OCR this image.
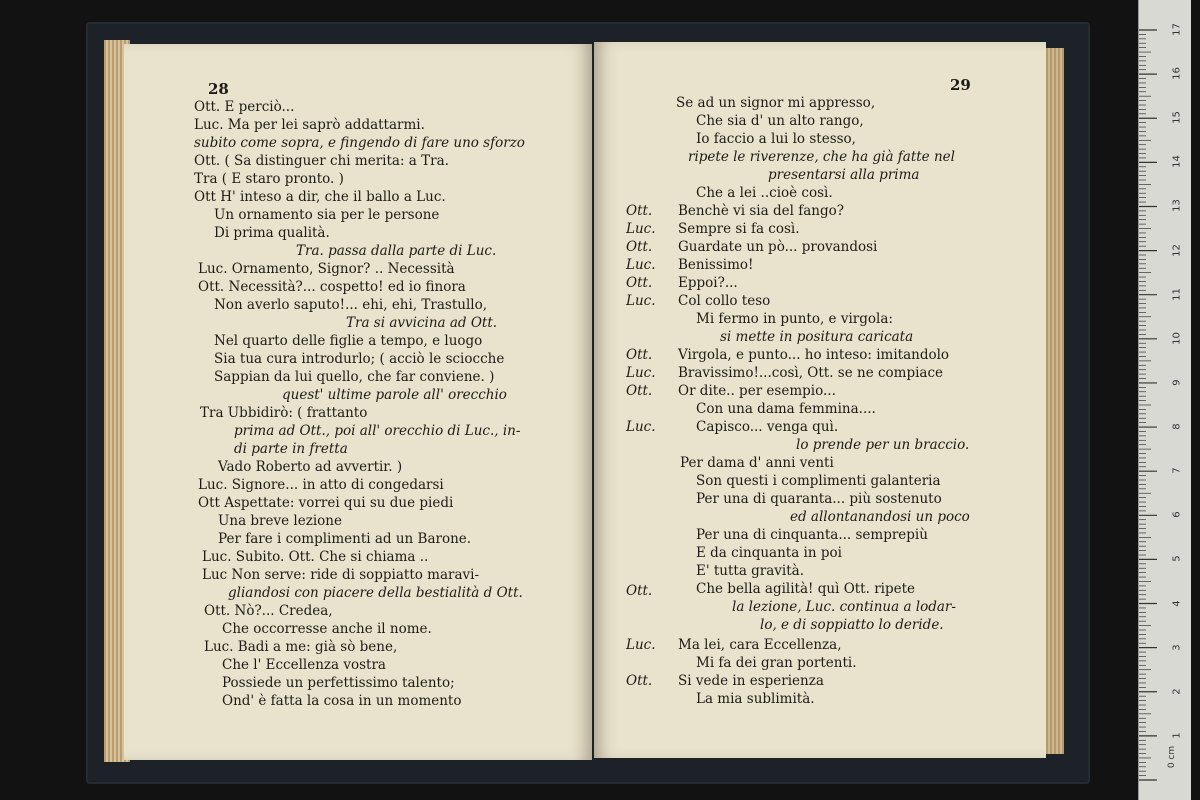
28
Ott. E perciò...
Luc. Ma per lei saprò addattarmi.
subito come sopra, e fingendo di fare uno sforzo
Ott. ( Sa distinguer chi merita: a Tra.
Tra ( E staro pronto. )
Ott H' inteso a dir, che il ballo a Luc.
Un ornamento sia per le persone
Di prima qualità.
Tra. passa dalla parte di Luc.
Luc. Ornamento, Signor? .. Necessità
Ott. Necessità?... cospetto! ed io finora
Non averlo saputo!... ehi, ehi, Trastullo,
Tra si avvicina ad Ott.
Nel quarto delle figlie a tempo, e luogo
Sia tua cura introdurlo; ( acciò le sciocche
Sappian da lui quello, che far conviene. )
quest' ultime parole all' orecchio
Tra Ubbidirò: ( frattanto
prima ad Ott., poi all' orecchio di Luc., in-
di parte in fretta
Vado Roberto ad avvertir. )
Luc. Signore... in atto di congedarsi
Ott Aspettate: vorrei qui su due piedi
Una breve lezione
Per fare i complimenti ad un Barone.
Luc. Subito. Ott. Che si chiama ..
Luc Non serve: ride di soppiatto maravi-
gliandosi con piacere della bestialità d Ott.
Ott. Nò?... Credea,
Che occorresse anche il nome.
Luc. Badi a me: già sò bene,
Che l' Eccellenza vostra
Possiede un perfettissimo talento;
Ond' è fatta la cosa in un momento
29
Se ad un signor mi appresso,
Che sia d' un alto rango,
Io faccio a lui lo stesso,
ripete le riverenze, che ha già fatte nel
presentarsi alla prima
Che a lei ..cioè così.
Ott. Benchè vi sia del fango?
Luc. Sempre si fa così.
Ott. Guardate un pò... provandosi
Luc. Benissimo!
Ott. Eppoi?...
Luc. Col collo teso
Mi fermo in punto, e virgola:
si mette in positura caricata
Ott. Virgola, e punto... ho inteso: imitandolo
Luc. Bravissimo!...così, Ott. se ne compiace
Ott. Or dite.. per esempio...
Con una dama femmina....
Luc.	Capisco... venga quì.
lo prende per un braccio.
Per dama d' anni venti
Son questi i complimenti galanteria
Per una di quaranta... più sostenuto
ed allontanandosi un poco
Per una di cinquanta... semprepiù
E da cinquanta in poi
E' tutta gravità.
Ott.	Che bella agilità! quì Ott. ripete
la lezione, Luc. continua a lodar-
lo, e di soppiatto lo deride.
Luc. Ma lei, cara Eccellenza,
Mi fa dei gran portenti.
Ott. Si vede in esperienza
La mia sublimità.
17
16
15
14
13
12
11
10
9
8
7
6
5
4
3
2
1
0 cm
